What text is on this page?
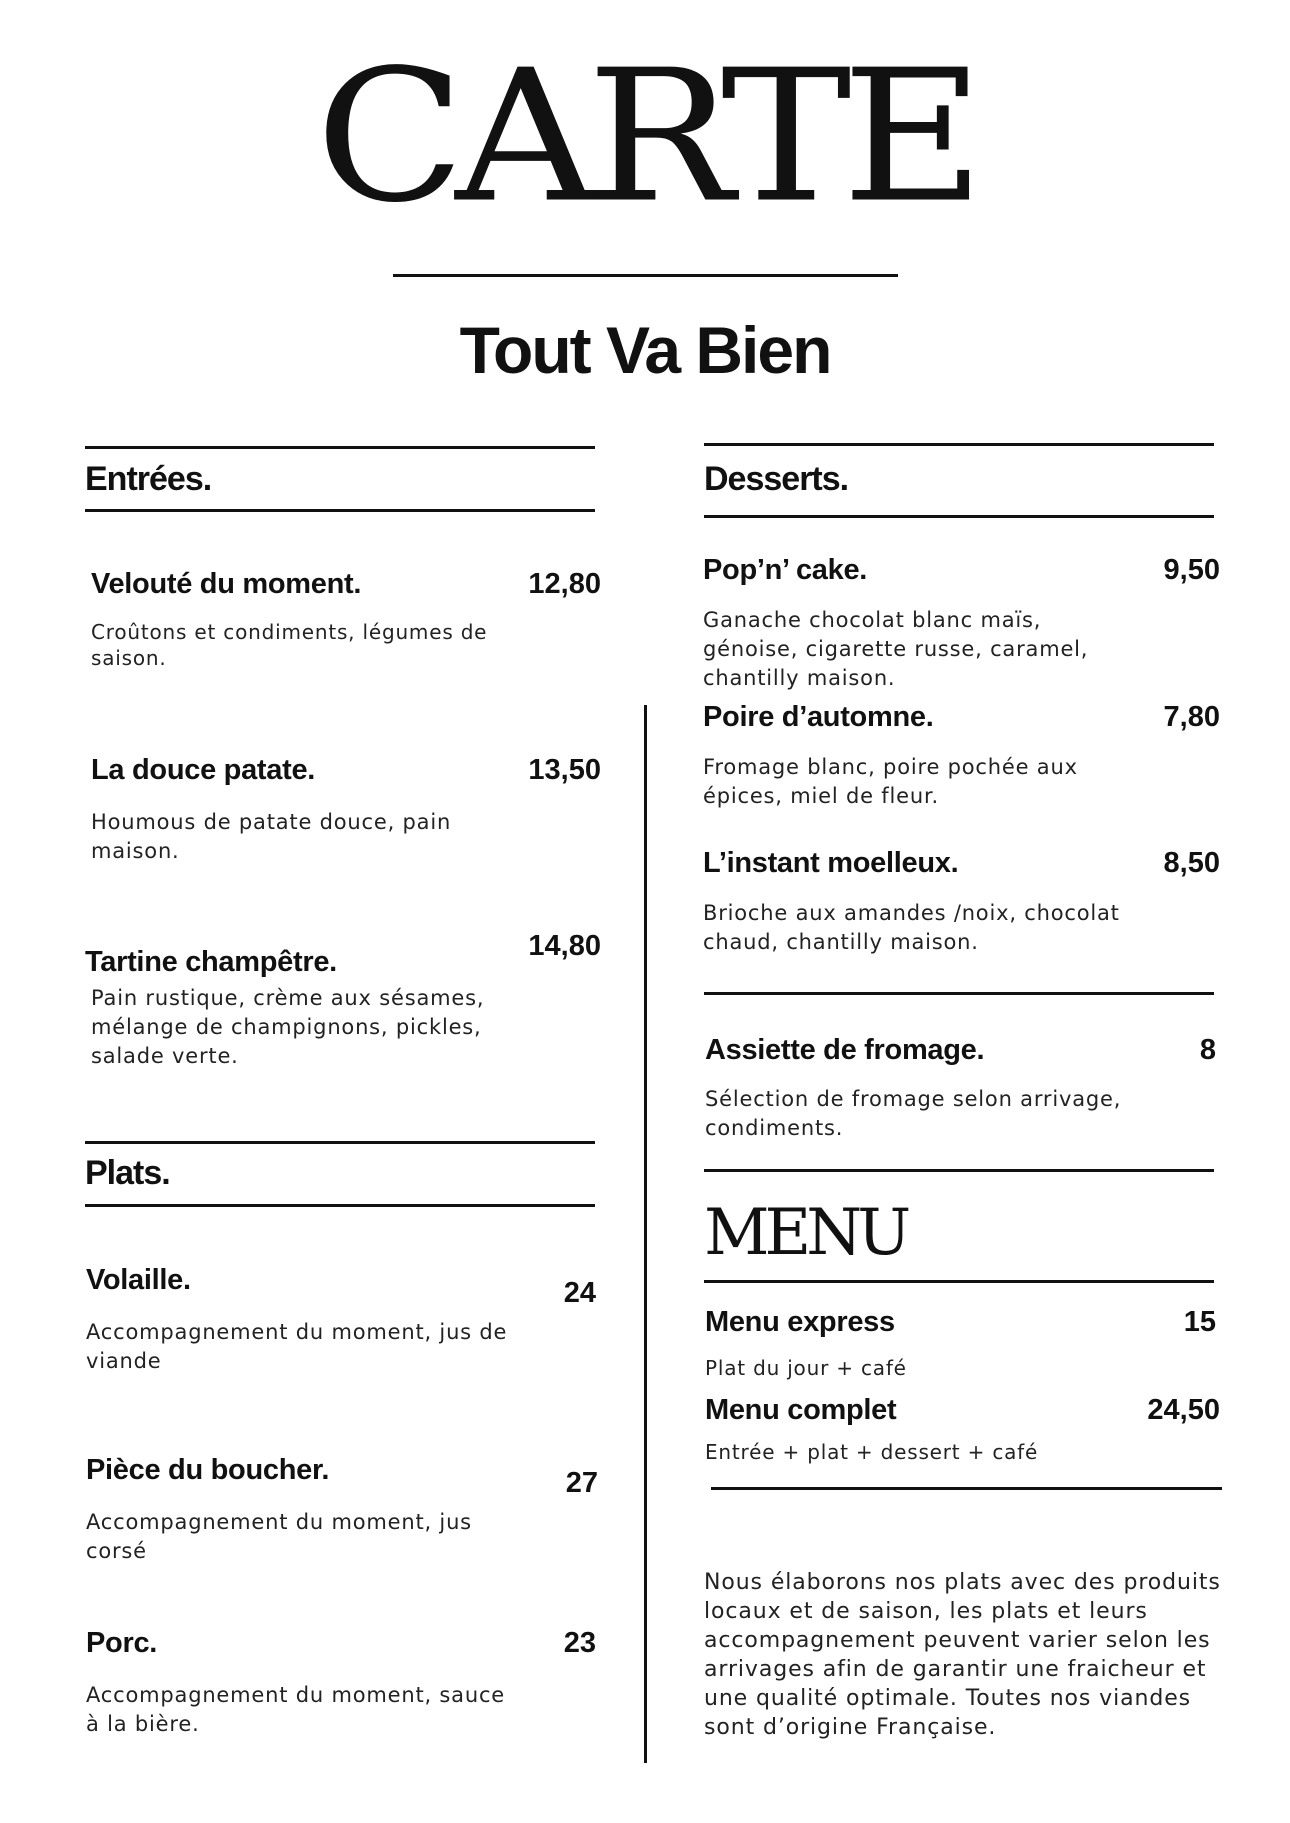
CARTE
Tout Va Bien
Entrées.
Velouté du moment.	12,80
Croûtons et condiments, légumes de saison.
La douce patate.	13,50
Houmous de patate douce, pain maison.
Tartine champêtre.	14,80
Pain rustique, crème aux sésames, mélange de champignons, pickles, salade verte.
Plats.
Volaille.	24
Accompagnement du moment, jus de viande
Pièce du boucher.	27
Accompagnement du moment, jus corsé
Porc.	23
Accompagnement du moment, sauce à la bière.
Desserts.
Pop’n’ cake.	9,50
Ganache chocolat blanc maïs, génoise, cigarette russe, caramel, chantilly maison.
Poire d’automne.	7,80
Fromage blanc, poire pochée aux épices, miel de fleur.
L’instant moelleux.	8,50
Brioche aux amandes /noix, chocolat chaud, chantilly maison.
Assiette de fromage.	8
Sélection de fromage selon arrivage, condiments.
MENU
Menu express	15
Plat du jour + café
Menu complet	24,50
Entrée + plat + dessert + café
Nous élaborons nos plats avec des produits locaux et de saison, les plats et leurs accompagnement peuvent varier selon les arrivages afin de garantir une fraicheur et une qualité optimale. Toutes nos viandes sont d’origine Française.
